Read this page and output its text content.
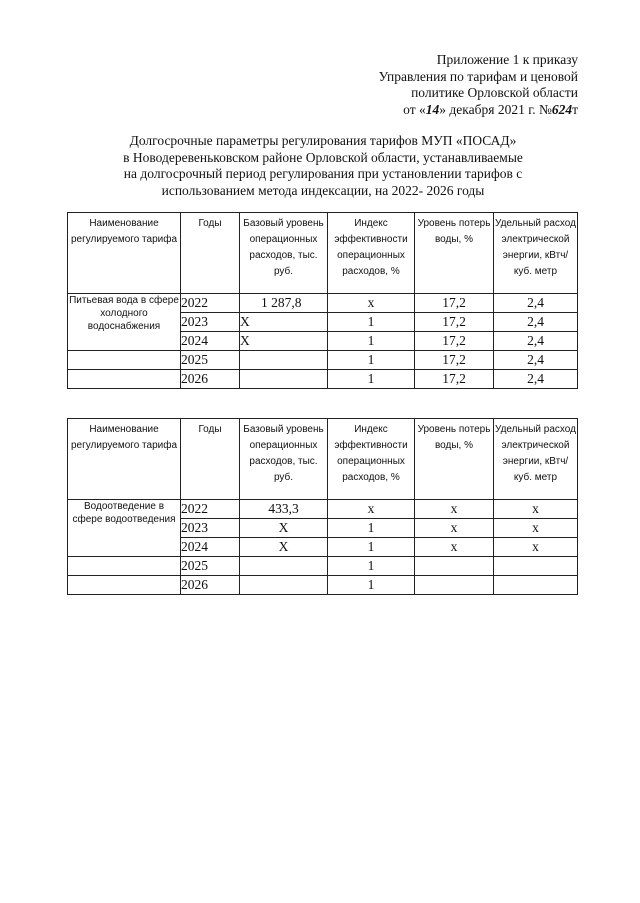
Приложение 1 к приказу
Управления по тарифам и ценовой
политике Орловской области
от «14» декабря 2021 г. №624т
Долгосрочные параметры регулирования тарифов МУП «ПОСАД»
в Новодеревеньковском районе Орловской области, устанавливаемые
на долгосрочный период регулирования при установлении тарифов с
использованием метода индексации, на 2022- 2026 годы
Наименование регулируемого тарифа	Годы	Базовый уровень операционных расходов, тыс. руб.	Индекс эффективности операционных расходов, %	Уровень потерь воды, %	Удельный расход электрической энергии, кВтч/куб. метр
Питьевая вода в сфере холодного водоснабжения	2022	1 287,8	х	17,2	2,4
	2023	Х	1	17,2	2,4
	2024	Х	1	17,2	2,4
	2025		1	17,2	2,4
	2026		1	17,2	2,4
Наименование регулируемого тарифа	Годы	Базовый уровень операционных расходов, тыс. руб.	Индекс эффективности операционных расходов, %	Уровень потерь воды, %	Удельный расход электрической энергии, кВтч/куб. метр
Водоотведение в сфере водоотведения	2022	433,3	х	х	х
	2023	Х	1	х	х
	2024	Х	1	х	х
	2025		1		
	2026		1		
